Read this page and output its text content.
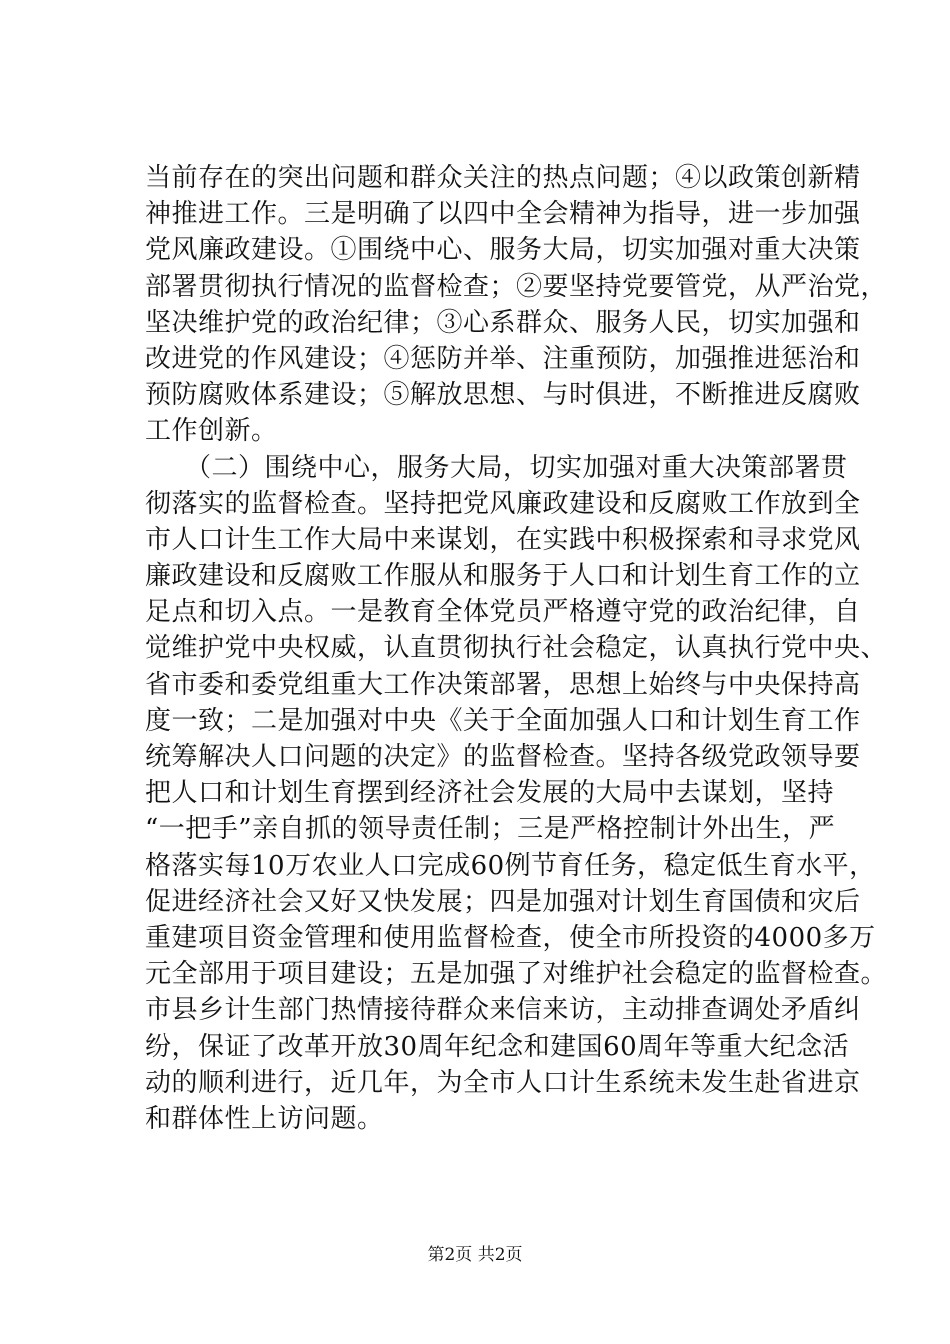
当前存在的突出问题和群众关注的热点问题；④以政策创新精
神推进工作。三是明确了以四中全会精神为指导，进一步加强
党风廉政建设。①围绕中心、服务大局，切实加强对重大决策
部署贯彻执行情况的监督检查；②要坚持党要管党，从严治党，
坚决维护党的政治纪律；③心系群众、服务人民，切实加强和
改进党的作风建设；④惩防并举、注重预防，加强推进惩治和
预防腐败体系建设；⑤解放思想、与时俱进，不断推进反腐败
工作创新。
　　（二）围绕中心，服务大局，切实加强对重大决策部署贯
彻落实的监督检查。坚持把党风廉政建设和反腐败工作放到全
市人口计生工作大局中来谋划，在实践中积极探索和寻求党风
廉政建设和反腐败工作服从和服务于人口和计划生育工作的立
足点和切入点。一是教育全体党员严格遵守党的政治纪律，自
觉维护党中央权威，认直贯彻执行社会稳定，认真执行党中央、
省市委和委党组重大工作决策部署，思想上始终与中央保持高
度一致；二是加强对中央《关于全面加强人口和计划生育工作
统筹解决人口问题的决定》的监督检查。坚持各级党政领导要
把人口和计划生育摆到经济社会发展的大局中去谋划，坚持
“一把手”亲自抓的领导责任制；三是严格控制计外出生，严
格落实每10万农业人口完成60例节育任务，稳定低生育水平，
促进经济社会又好又快发展；四是加强对计划生育国债和灾后
重建项目资金管理和使用监督检查，使全市所投资的4000多万
元全部用于项目建设；五是加强了对维护社会稳定的监督检查。
市县乡计生部门热情接待群众来信来访，主动排查调处矛盾纠
纷，保证了改革开放30周年纪念和建国60周年等重大纪念活
动的顺利进行，近几年，为全市人口计生系统未发生赴省进京
和群体性上访问题。
第2页 共2页
